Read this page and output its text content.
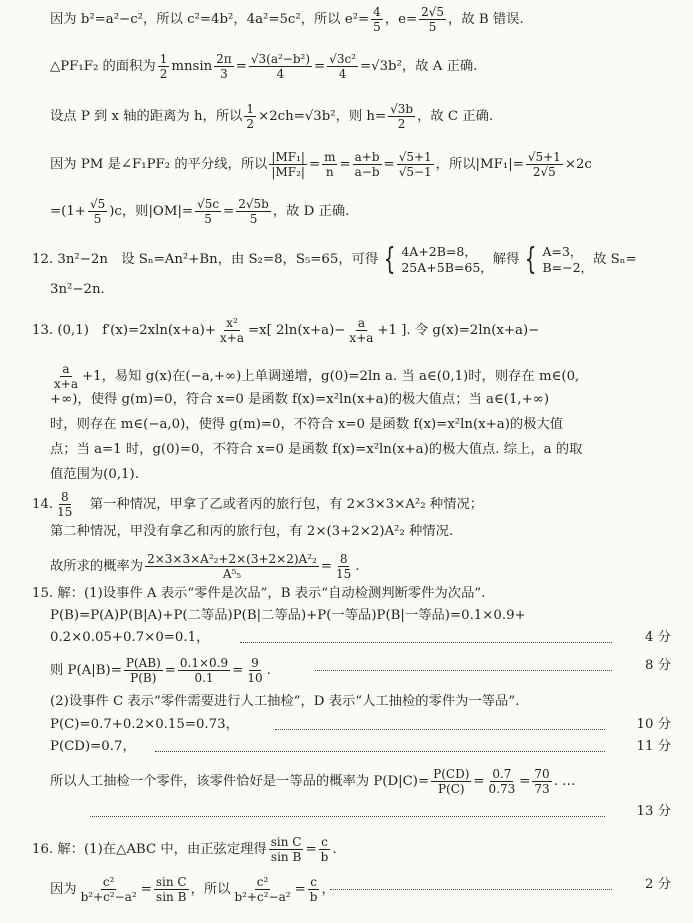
因为 b²=a²−c²，所以 c²=4b²，4a²=5c²，所以 $e^2= \frac{4}{5}$ ，$e= \frac{2√5}{5}$ ，故 B 错误.
△PF₁F₂ 的面积为 $\frac{1}{2}$ mnsin $\frac{2\pi}{3} = \frac{\text{√3(a²−b²)}}{4} = \frac{\text{√3c²}}{4} =√3b^2$，故 A 正确.
设点 P 到 x 轴的距离为 h，所以 $\frac{1}{2} \times 2ch=√3b^2$，则 $h= \frac{√3b}{2}$ ，故 C 正确.
因为 PM 是∠F₁PF₂ 的平分线，所以 $\frac{\text{|MF₁|}}{\text{|MF₂|}} = \frac{m}{n} = \frac{a+b}{a-b} = \frac{√5+1}{√5-1}$ ，所以$|MF_1|= \frac{√5+1}{2√5} \times 2c$
$=(1+ \frac{√5}{5} )c$，则$|OM|= \frac{√5c}{5} = \frac{2√5b}{5}$ ，故 D 正确.
12. 3n²−2n　设 Sₙ=An²+Bn，由 S₂=8，S₅=65，可得 { 4A+2B=8，
25A+5B=65，
解得 { A=3，
B=−2，
故 Sₙ=
3n²−2n.
13. (0,1)　$f'(x)=2xln(x+a)+ \frac{\text{x²}}{x+a} =x$[ $2\ln(x+a)- \frac{a}{x+a} +1$ ]. 令 g(x)=2ln(x+a)−
$\frac{a}{x+a} +1$，易知 g(x)在(−a,+∞)上单调递增，g(0)=2ln a. 当 a∈(0,1)时，则存在 m∈(0,
+∞)，使得 g(m)=0，符合 x=0 是函数 f(x)=x²ln(x+a)的极大值点；当 a∈(1,+∞)
时，则存在 m∈(−a,0)，使得 g(m)=0，不符合 x=0 是函数 f(x)=x²ln(x+a)的极大值
点；当 a=1 时，g(0)=0，不符合 x=0 是函数 f(x)=x²ln(x+a)的极大值点. 综上，a 的取
值范围为(0,1).
14. $\frac{8}{15}$ 　第一种情况，甲拿了乙或者丙的旅行包，有 2×3×3×A²₂ 种情况；
第二种情况，甲没有拿乙和丙的旅行包，有 2×(3+2×2)A²₂ 种情况.
故所求的概率为 $\frac{\text{2×3×3×A²₂+2×(3+2×2)A²₂}}{\text{A⁵₅}} = \frac{8}{15}$ .
15. 解：(1)设事件 A 表示“零件是次品”，B 表示“自动检测判断零件为次品”.
P(B)=P(A)P(B|A)+P(二等品)P(B|二等品)+P(一等品)P(B|一等品)=0.1×0.9+
0.2×0.05+0.7×0=0.1，	4 分
则 $P(A|B)= \frac{P(AB)}{P(B)} = \frac{0.1\times 0.9}{0.1} = \frac{9}{10}$ .	8 分
(2)设事件 C 表示“零件需要进行人工抽检”，D 表示“人工抽检的零件为一等品”.
P(C)=0.7+0.2×0.15=0.73，	10 分
P(CD)=0.7，	11 分
所以人工抽检一个零件，该零件恰好是一等品的概率为 $P(D|C)= \frac{P(CD)}{P(C)} = \frac{0.7}{0.73} = \frac{70}{73}$ . …
13 分
16. 解：(1)在△ABC 中，由正弦定理得 $\frac{\text{sin C}}{\text{sin B}} = \frac{c}{b}$ .
因为 $\frac{\text{c²}}{\text{b²+c²−a²}} = \frac{\text{sin C}}{\text{sin B}}$ ，所以 $\frac{\text{c²}}{\text{b²+c²−a²}} = \frac{c}{b}$ ，	2 分
